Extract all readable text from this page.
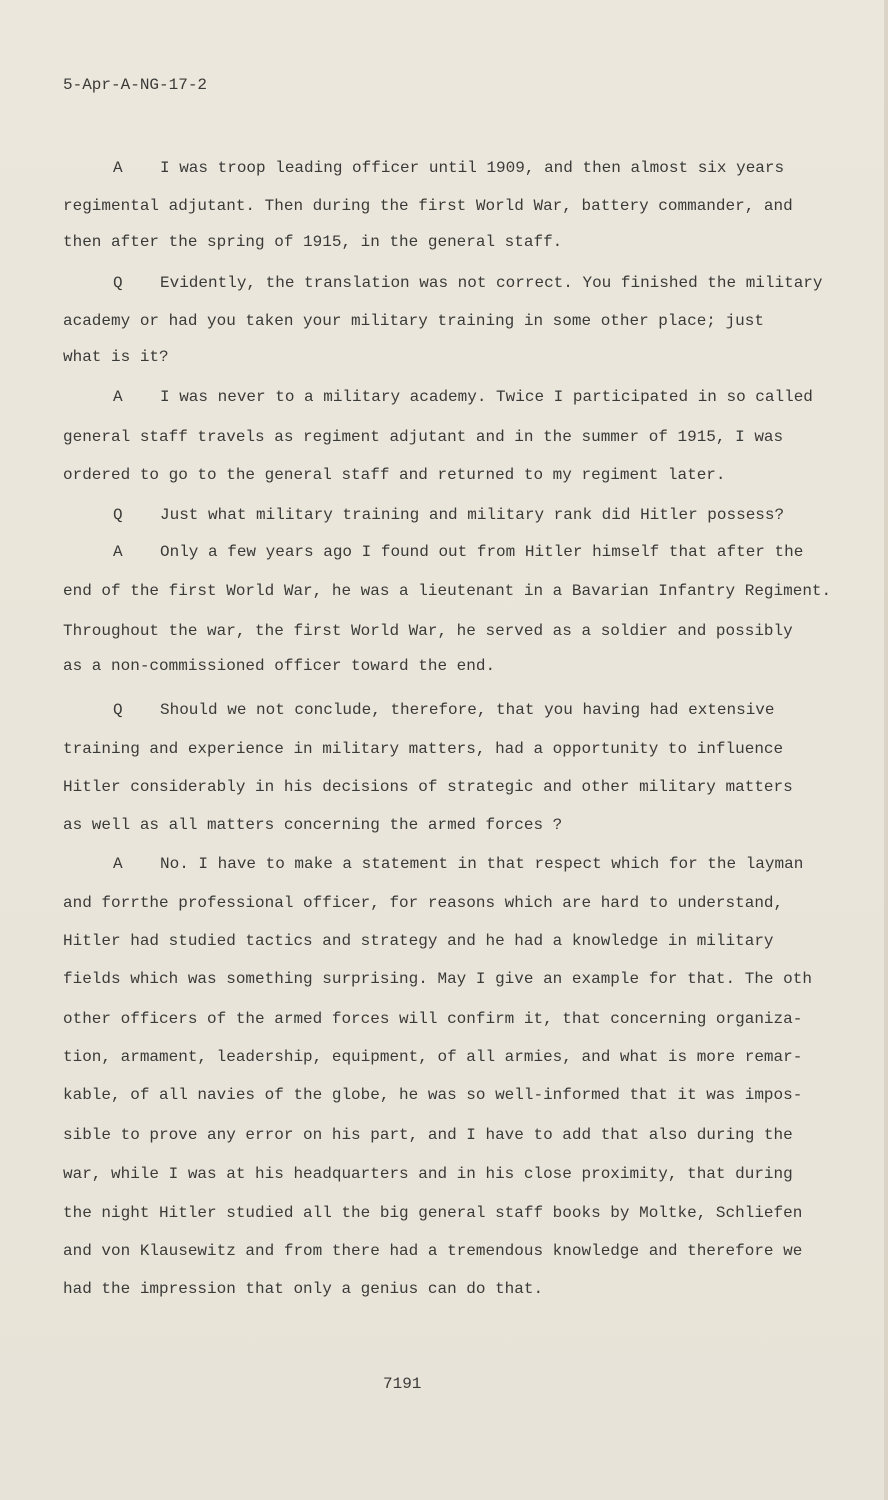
5-Apr-A-NG-17-2
A I was troop leading officer until 1909, and then almost six years
regimental adjutant. Then during the first World War, battery commander, and
then after the spring of 1915, in the general staff.
Q Evidently, the translation was not correct. You finished the military
academy or had you taken your military training in some other place; just
what is it?
A I was never to a military academy. Twice I participated in so called
general staff travels as regiment adjutant and in the summer of 1915, I was
ordered to go to the general staff and returned to my regiment later.
Q Just what military training and military rank did Hitler possess?
A Only a few years ago I found out from Hitler himself that after the
end of the first World War, he was a lieutenant in a Bavarian Infantry Regiment.
Throughout the war, the first World War, he served as a soldier and possibly
as a non-commissioned officer toward the end.
Q Should we not conclude, therefore, that you having had extensive
training and experience in military matters, had a opportunity to influence
Hitler considerably in his decisions of strategic and other military matters
as well as all matters concerning the armed forces ?
A No. I have to make a statement in that respect which for the layman
and forrthe professional officer, for reasons which are hard to understand,
Hitler had studied tactics and strategy and he had a knowledge in military
fields which was something surprising. May I give an example for that. The oth
other officers of the armed forces will confirm it, that concerning organiza-
tion, armament, leadership, equipment, of all armies, and what is more remar-
kable, of all navies of the globe, he was so well-informed that it was impos-
sible to prove any error on his part, and I have to add that also during the
war, while I was at his headquarters and in his close proximity, that during
the night Hitler studied all the big general staff books by Moltke, Schliefen
and von Klausewitz and from there had a tremendous knowledge and therefore we
had the impression that only a genius can do that.
7191
